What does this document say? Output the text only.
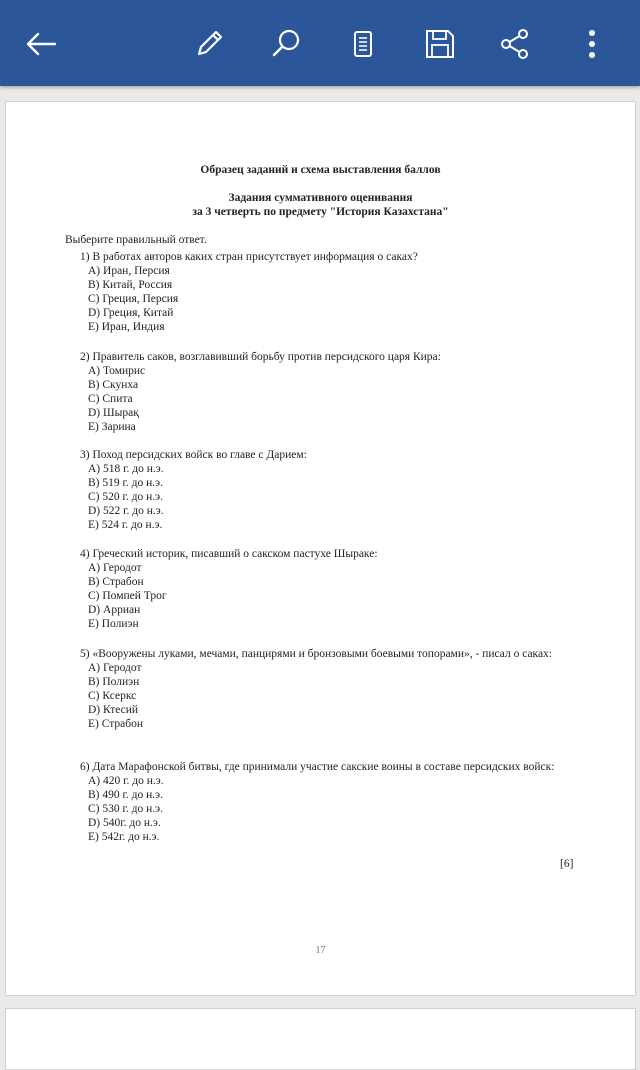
Образец заданий и схема выставления баллов
Задания суммативного оценивания
за 3 четверть по предмету "История Казахстана"
Выберите правильный ответ.

1) В работах авторов каких стран присутствует информация о саках?

А) Иран, Персия
В) Китай, Россия
С) Греция, Персия
D) Греция, Китай
Е) Иран, Индия

2) Правитель саков, возглавивший борьбу против персидского царя Кира:

А) Томирис
В) Скунха
С) Спита
D) Шырақ
Е) Зарина

3) Поход персидских войск во главе с Дарием:

А) 518 г. до н.э.
В) 519 г. до н.э.
С) 520 г. до н.э.
D) 522 г. до н.э.
Е) 524 г. до н.э.

4) Греческий историк, писавший о сакском пастухе Шыраке:

А) Геродот
В) Страбон
С) Помпей Трог
D) Арриан
Е) Полиэн

5) «Вооружены луками, мечами, панцирями и бронзовыми боевыми топорами», - писал о саках:

А) Геродот
В) Полиэн
С) Ксеркс
D) Ктесий
Е) Страбон

6) Дата Марафонской битвы, где принимали участие сакские воины в составе персидских войск:

А) 420 г. до н.э.
В) 490 г. до н.э.
С) 530 г. до н.э.
D) 540г. до н.э.
Е) 542г. до н.э.
[6]
17
